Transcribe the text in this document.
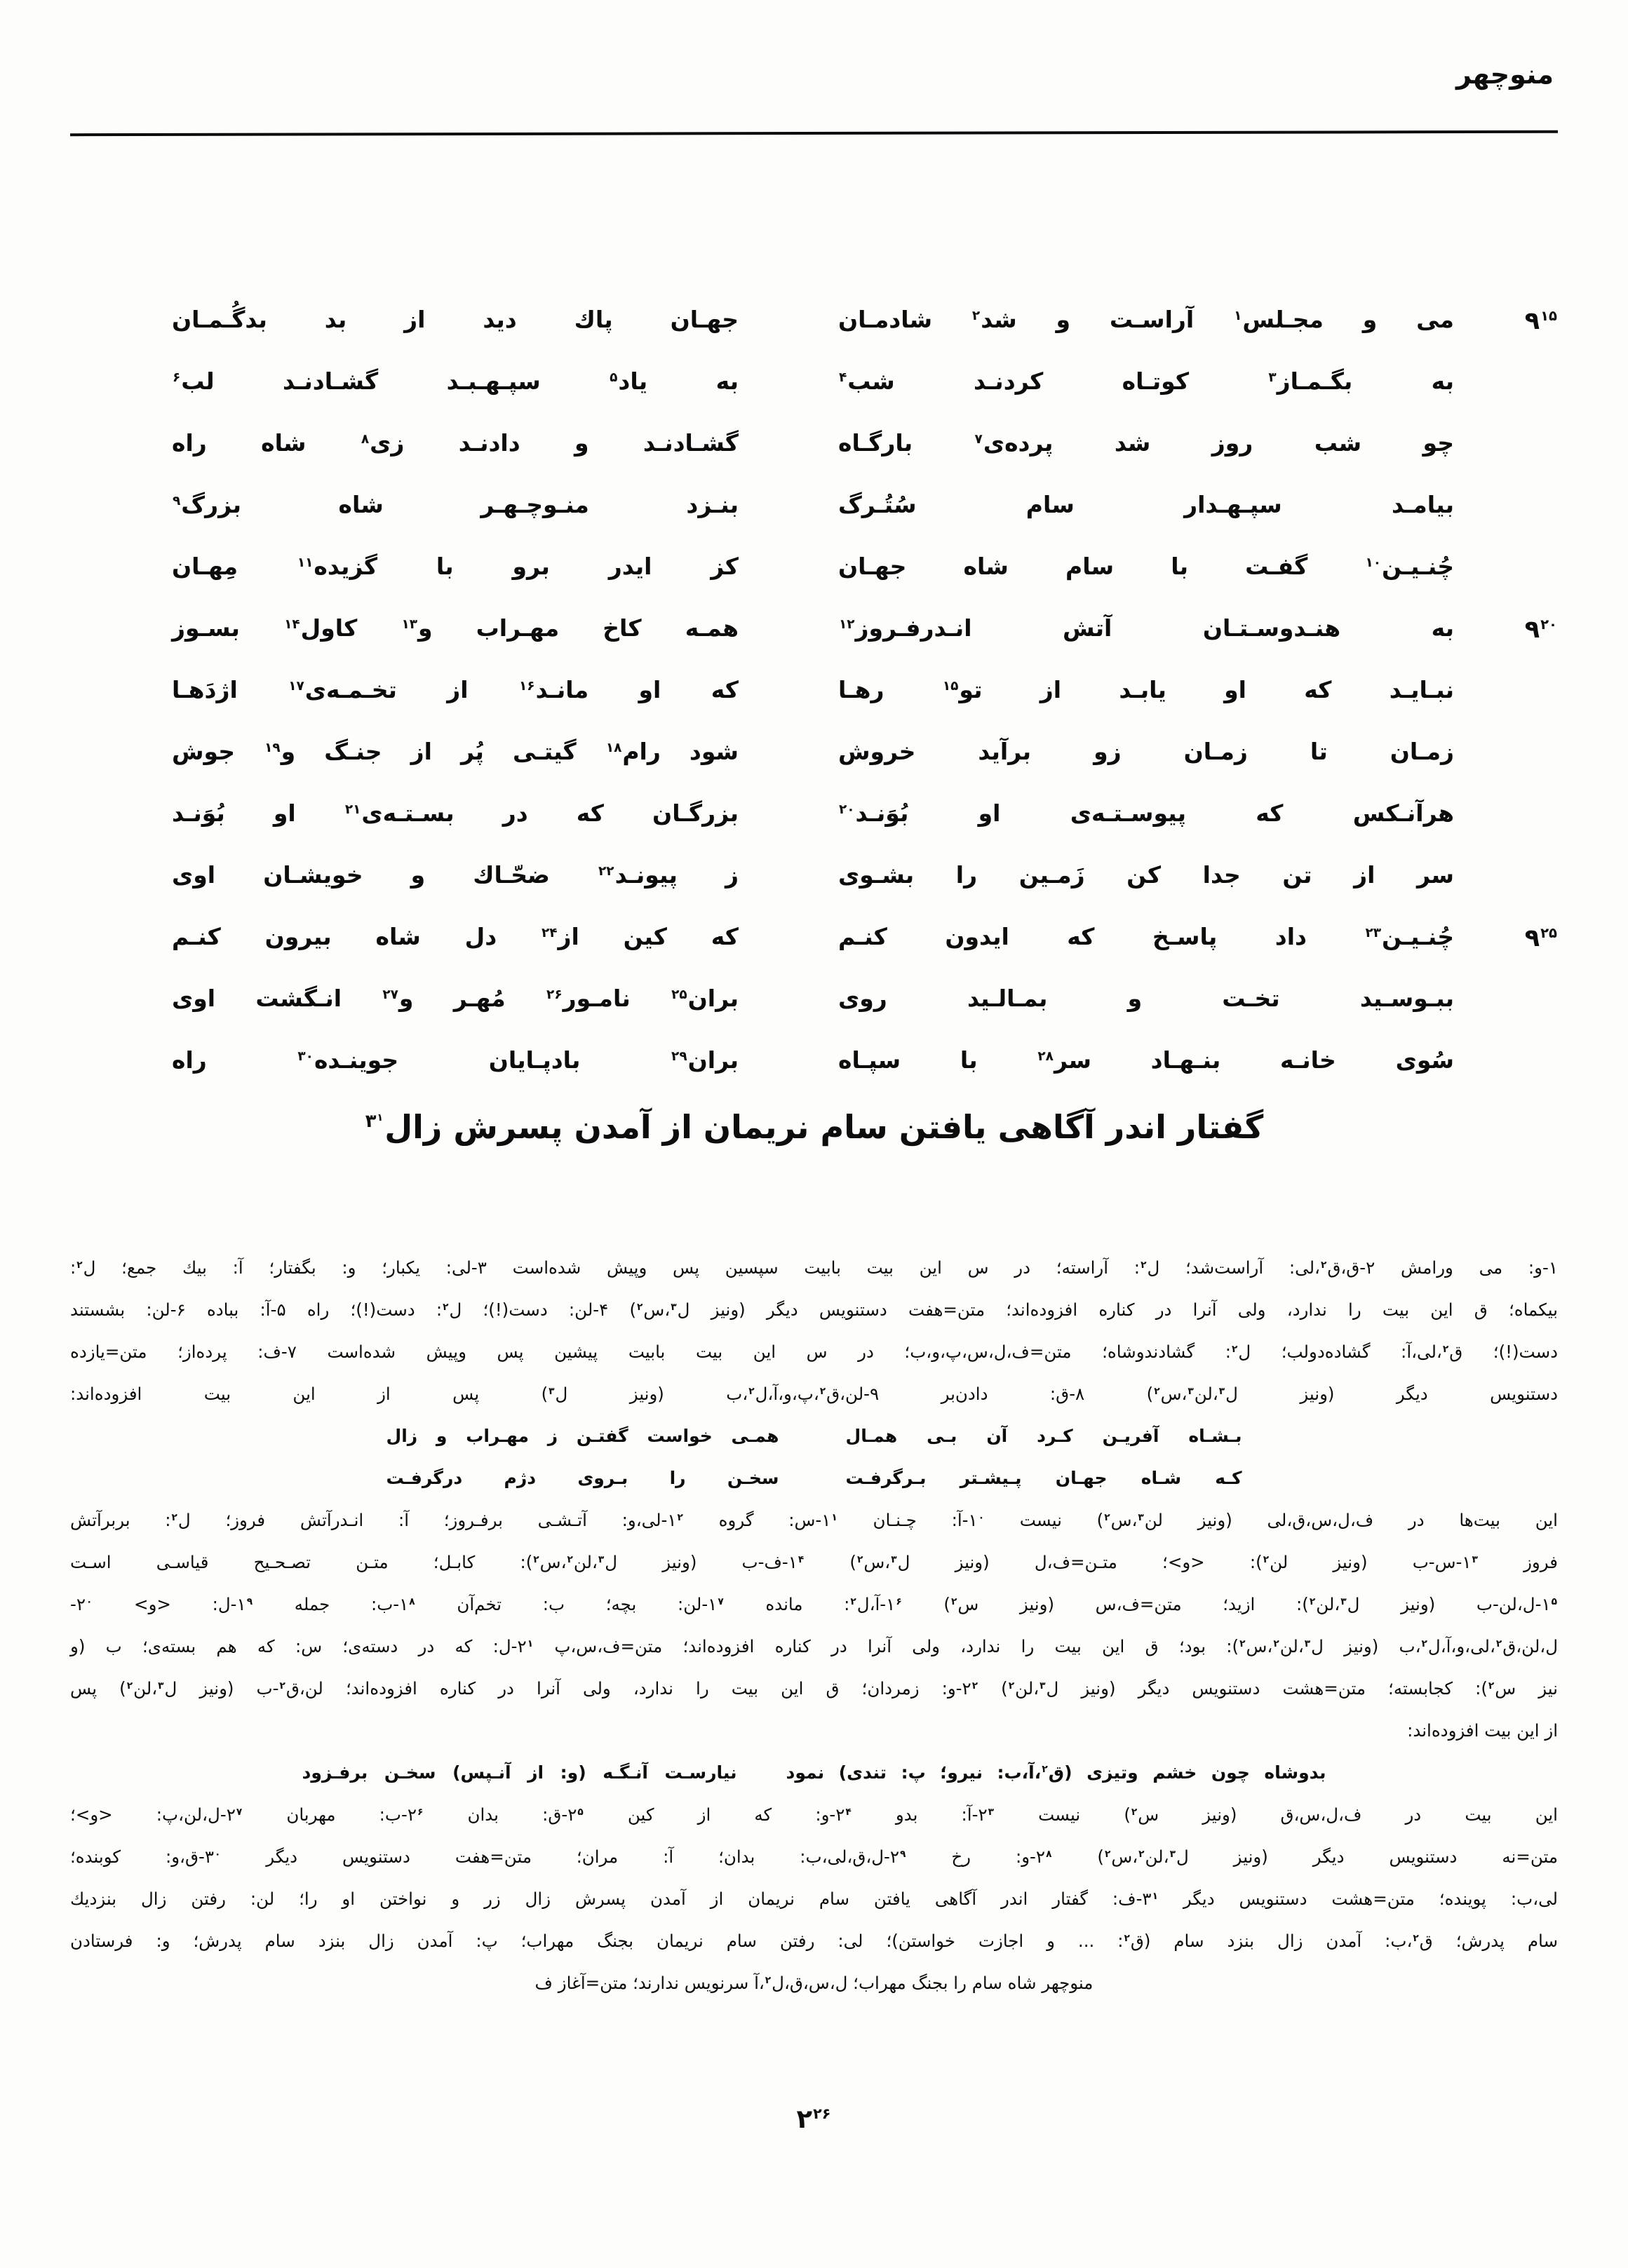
منوچهر
$۹^{۱۵}$
می و مجـلس$^۱$ آراسـت و شد$^۲$ شادمـان
جهـان پاك دید از بد بدگُـمـان
به بگـمـاز$^۳$ کوتـاه کردنـد شب$^۴$
به یاد$^۵$ سپـهـبـد گشـادنـد لب$^۶$
چو شب روز شد پرده‌ی$^۷$ بارگـاه
گشـادنـد و دادنـد زی$^۸$ شاه راه
بیامـد سپـهـدار سام سُتُـرگ
بنـزد منـوچـهـر شاه بزرگ$^۹$
چُنـیـن$^{۱۰}$ گفـت با سام شاه جهـان
کز ایدر برو با گزیده$^{۱۱}$ مِهـان
$۹^{۲۰}$
به هنـدوسـتـان آتش انـدرفـروز$^{۱۲}$
همـه کاخ مهـراب و$^{۱۳}$ کاول$^{۱۴}$ بسـوز
نبـایـد که او یابـد از تو$^{۱۵}$ رهـا
که او مانـد$^{۱۶}$ از تخـمـه‌ی$^{۱۷}$ اژدَهـا
زمـان تا زمـان زو برآید خروش
شود رام$^{۱۸}$ گیتـی پُر از جنـگ و$^{۱۹}$ جوش
هرآنـکس که پیوسـتـه‌ی او بُوَنـد$^{۲۰}$
بزرگـان که در بسـتـه‌ی$^{۲۱}$ او بُوَنـد
سر از تن جدا کن زَمـین را بشـوی
ز پیونـد$^{۲۲}$ ضحّـاك و خویشـان اوی
$۹^{۲۵}$
چُنـیـن$^{۲۳}$ داد پاسـخ که ایدون کنـم
که کین از$^{۲۴}$ دل شاه بیرون کنـم
ببـوسـید تخـت و بمـالـید روی
بران$^{۲۵}$ نامـور$^{۲۶}$ مُهـر و$^{۲۷}$ انـگشت اوی
سُوی خانـه بنـهـاد سر$^{۲۸}$ با سپـاه
بران$^{۲۹}$ بادپـایان جوینـده$^{۳۰}$ راه
گفتار اندر آگاهی یافتن سام نریمان از آمدن پسرش زال$^{۳^۱}$
۱-و: می ورامش ۲-ق،ق$^۲$،لی: آراست‌شد؛ ل$^۲$: آراسته؛ در س این بیت بابیت سپسین پس وپیش شده‌است ۳-لی: یکبار؛ و: بگفتار؛ آ: بیك جمع؛ ل$^۲$:
بیکماه؛ ق این بیت را ندارد، ولی آنرا در کناره افزوده‌اند؛ متن=هفت دستنویس دیگر (ونیز ل$^۳$،س$^۲$) ۴-لن: دست(!)؛ ل$^۲$: دست(!)؛ راه ۵-آ: بباده ۶-لن: بشستند
دست(!)؛ ق$^۲$،لی،آ: گشاده‌دولب؛ ل$^۲$: گشادندوشاه؛ متن=ف،ل،س،پ،و،ب؛ در س این بیت بابیت پیشین پس وپیش شده‌است ۷-ف: پرده‌از؛ متن=یازده
دستنویس دیگر (ونیز ل$^۳$،لن$^۳$،س$^۲$) ۸-ق: دادن‌بر ۹-لن،ق$^۲$،پ،و،آ،ل$^۲$،ب (ونیز ل$^۳$) پس از این بیت افزوده‌اند:
بـشـاه آفریـن کـرد آن بـی همـال
همـی خواست گفتـن ز مهـراب و زال
کـه شـاه جهـان پـیشـتر بـرگرفـت
سخـن را بـروی دژم درگرفـت
این بیت‌ها در ف،ل،س،ق،لی (ونیز لن$^۳$،س$^۲$) نیست $۱^۰-آ$: چـنـان $۱^۱-س$: گروه $۱^۲-لی،و$: آتـشـی برفـروز؛ آ: انـدرآتش فروز؛ ل$^۲$: بربرآتش
فروز $۱^۳-س-ب$ (ونیز لن$^۲$): <و>؛ متـن=ف،ل (ونیز ل$^۳$،س$^۲$) $۱^۴-ف-ب$ (ونیز ل$^۳$،لن$^۲$،س$^۲$): کابـل؛ متـن تصـحـیح قیاسـی اسـت
$۱^۵-ل،لن-ب$ (ونیز ل$^۳$،لن$^۲$): ازید؛ متن=ف،س (ونیز س$^۲$) $۱^۶-آ،ل^۲$: مانده $۱^۷-لن$: بچه؛ ب: تخم‌آن $۱^۸-ب$: جمله $۱^۹-ل$: <و> $۲^۰-$
ل،لن،ق$^۲$،لی،و،آ،ل$^۲$،ب (ونیز ل$^۳$،لن$^۲$،س$^۲$): بود؛ ق این بیت را ندارد، ولی آنرا در کناره افزوده‌اند؛ متن=ف،س،پ $۲^۱-ل$: که در دسته‌ی؛ س: که هم بسته‌ی؛ ب (و
نیز س$^۲$): کجابسته؛ متن=هشت دستنویس دیگر (ونیز ل$^۳$،لن$^۲$) $۲^۲-و$: زمردان؛ ق این بیت را ندارد، ولی آنرا در کناره افزوده‌اند؛ لن،ق$^۲$-ب (ونیز ل$^۳$،لن$^۲$) پس
از این بیت افزوده‌اند:
بدوشاه چون خشم وتیزی (ق$^۲$،آ،ب: نیرو؛ پ: تندی) نمود
نیارسـت آنـگـه (و: از آنـپس) سخـن برفـزود
این بیت در ف،ل،س،ق (ونیز س$^۲$) نیست $۲^۳-آ$: بدو $۲^۴-و$: که از کین $۲^۵-ق$: بدان $۲^۶-ب$: مهربان $۲^۷-ل،لن،پ$: <و>؛
متن=نه دستنویس دیگر (ونیز ل$^۳$،لن$^۲$،س$^۲$) $۲^۸-و$: رخ $۲^۹-ل،ق،لی،ب$: بدان؛ آ: مران؛ متن=هفت دستنویس دیگر $۳^۰-ق،و$: کوبنده؛
لی،ب: پوینده؛ متن=هشت دستنویس دیگر $۳^۱-ف$: گفتار اندر آگاهی یافتن سام نریمان از آمدن پسرش زال زر و نواختن او را؛ لن: رفتن زال بنزدیك
سام پدرش؛ ق$^۲$،ب: آمدن زال بنزد سام (ق$^۲$: ... و اجازت خواستن)؛ لی: رفتن سام نریمان بجنگ مهراب؛ پ: آمدن زال بنزد سام پدرش؛ و: فرستادن
منوچهر شاه سام را بجنگ مهراب؛ ل،س،ق،ل$^۲$،آ سرنویس ندارند؛ متن=آغاز ف
$۲^{۲۶}$
